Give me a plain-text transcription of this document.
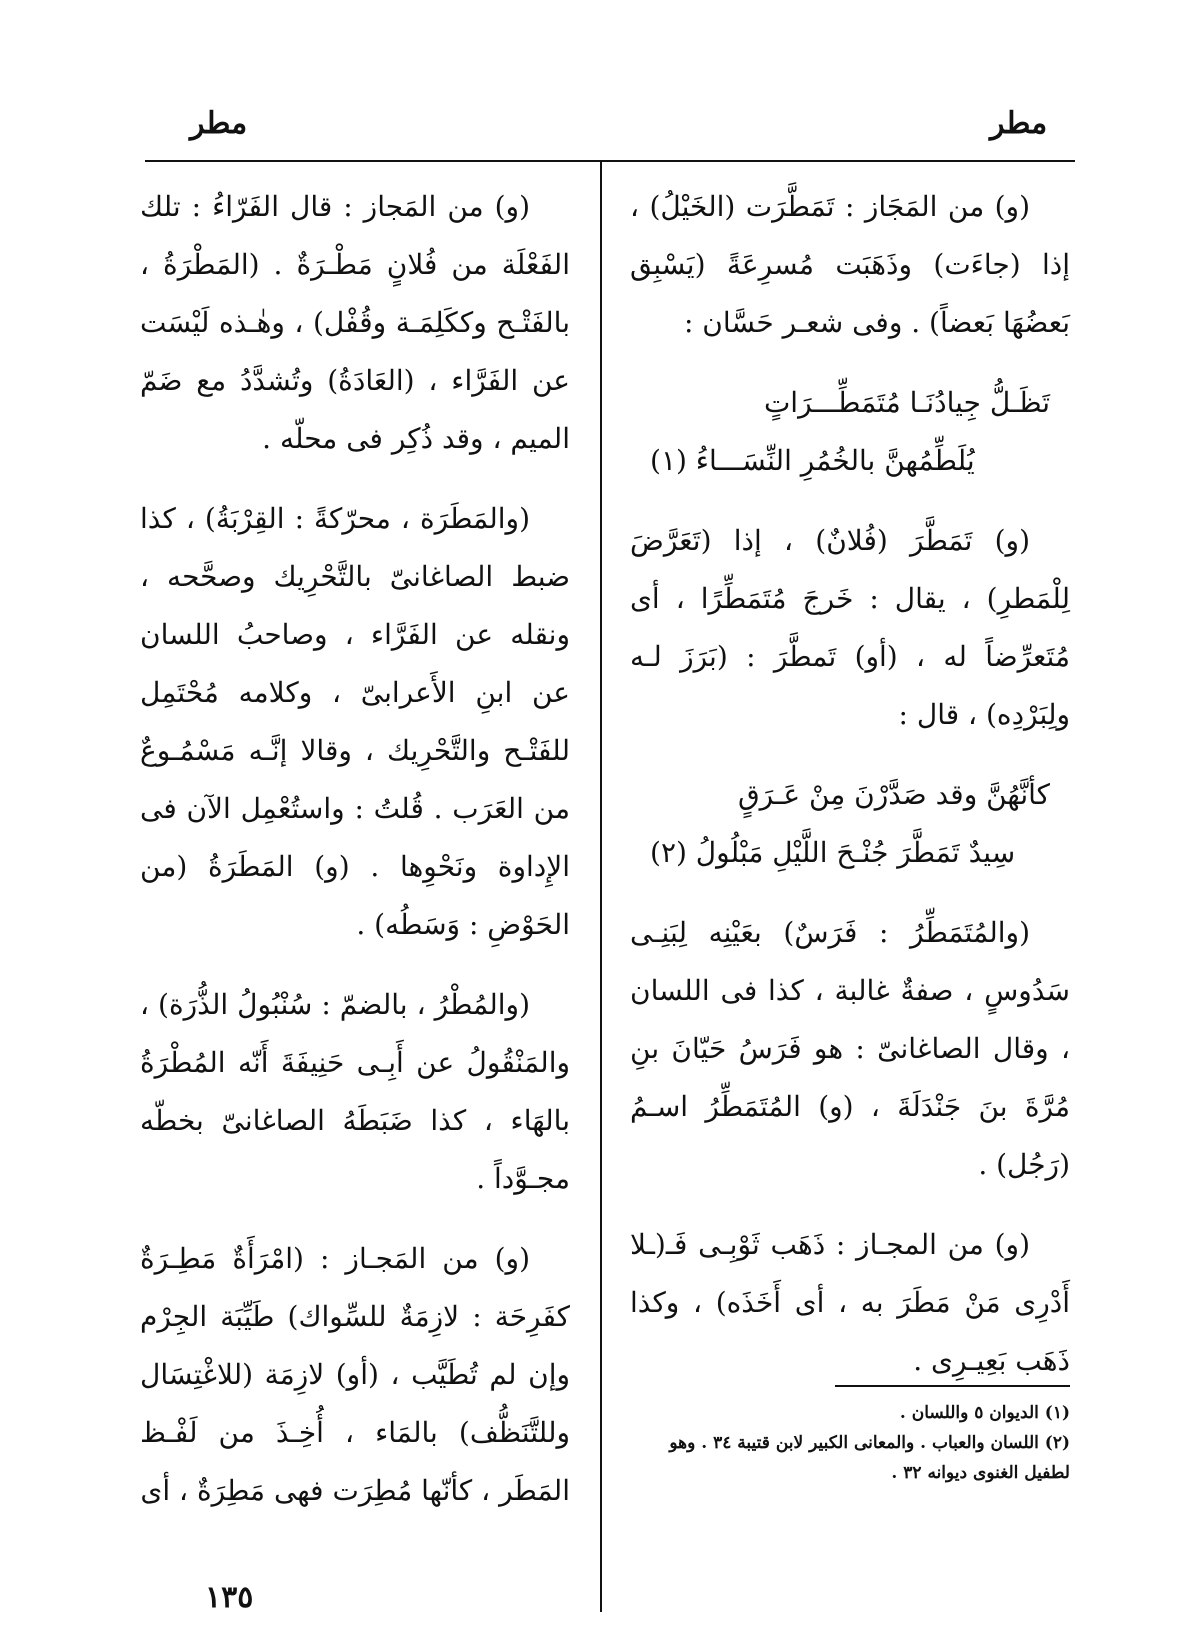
مطر
مطر

(و) من المَجَاز : تَمَطَّرَت (الخَيْلُ) ، إذا (جاءَت) وذَهَبَت مُسرِعَةً (يَسْبِق بَعضُهَا بَعضاً) . وفى شعـر حَسَّان :

تَظَـلُّ جِيادُنَـا مُتَمَطِّـــرَاتٍ
يُلَطِّمُهنَّ بالخُمُرِ النِّسَـــاءُ (١)

(و) تَمَطَّرَ (فُلانٌ) ، إذا (تَعَرَّضَ لِلْمَطرِ) ، يقال : خَرجَ مُتَمَطِّرًا ، أى مُتَعرِّضاً له ، (أو) تَمطَّرَ : (بَرَزَ لـه ولِبَرْدِه) ، قال :

كأنَّهُنَّ وقد صَدَّرْنَ مِنْ عَـرَقٍ
سِيدٌ تَمَطَّرَ جُنْـحَ اللَّيْلِ مَبْلُولُ (٢)

(والمُتَمَطِّرُ : فَرَسٌ) بعَيْنِه لِبَنِـى سَدُوسٍ ، صفةٌ غالبة ، كذا فى اللسان ، وقال الصاغانىّ : هو فَرَسُ حَيّانَ بنِ مُرَّةَ بنَ جَنْدَلَةَ ، (و) المُتَمَطِّرُ اسـمُ (رَجُل) .

(و) من المجـاز : ذَهَب ثَوْبِـى فَـ(ـلا أَدْرِى مَنْ مَطَرَ به ، أى أَخَذَه) ، وكذا ذَهَب بَعِيـرِى .

(١) الديوان ٥ واللسان .
(٢) اللسان والعباب . والمعانى الكبير لابن قتيبة ٣٤ . وهو لطفيل الغنوى ديوانه ٣٢ .

(و) من المَجاز : قال الفَرّاءُ : تلك الفَعْلَة من فُلانٍ مَطْـرَةٌ . (المَطْرَةُ ، بالفَتْـح وككَلِمَـة وقُفْل) ، وهٰـذه لَيْسَت عن الفَرَّاء ، (العَادَةُ) وتُشدَّدُ مع ضَمّ الميم ، وقد ذُكِر فى محلّه .

(والمَطَرَة ، محرّكةً : القِرْبَةُ) ، كذا ضبط الصاغانىّ بالتَّحْرِيك وصحَّحه ، ونقله عن الفَرَّاء ، وصاحبُ اللسان عن ابنِ الأَعرابىّ ، وكلامه مُحْتَمِل للفَتْـح والتَّحْرِيك ، وقالا إنَّـه مَسْمُـوعٌ من العَرَب . قُلتُ : واستُعْمِل الآن فى الإِداوة ونَحْوِها . (و) المَطَرَةُ (من الحَوْضِ : وَسَطُه) .

(والمُطْرُ ، بالضمّ : سُنْبُولُ الذُّرَة) ، والمَنْقُولُ عن أَبِـى حَنِيفَةَ أَنّه المُطْرَةُ بالهَاء ، كذا ضَبَطَهُ الصاغانىّ بخطّه مجـوَّداً .

(و) من المَجـاز : (امْرَأَةٌ مَطِـرَةٌ كفَرِحَة : لازِمَةٌ للسِّواك) طَيِّبَة الجِرْم وإن لم تُطَيَّب ، (أو) لازِمَة (للاغْتِسَال وللتَّنَظُّف) بالمَاء ، أُخِـذَ من لَفْـظ المَطَر ، كأنّها مُطِرَت فهى مَطِرَةٌ ، أى

١٣٥
